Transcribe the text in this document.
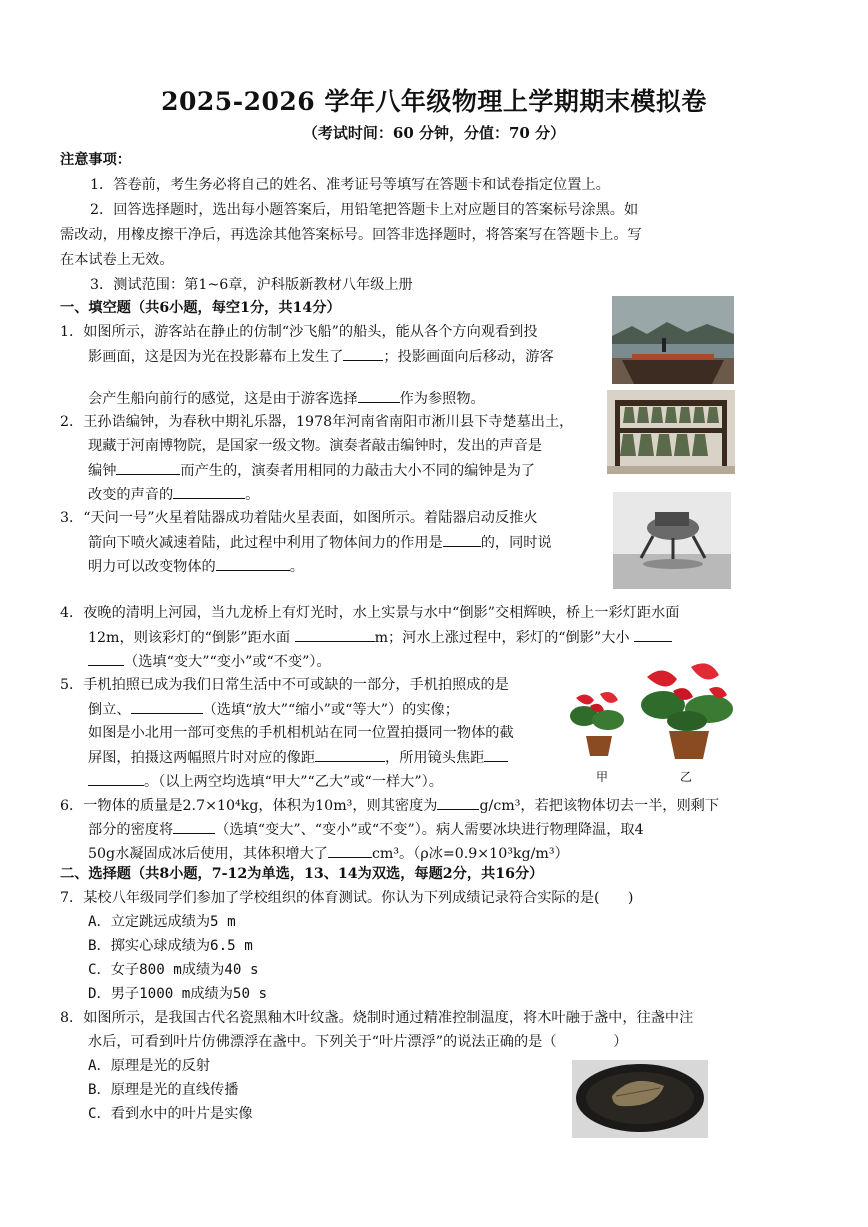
2025-2026 学年八年级物理上学期期末模拟卷
（考试时间：60 分钟，分值：70 分）
注意事项：
1．答卷前，考生务必将自己的姓名、准考证号等填写在答题卡和试卷指定位置上。
2．回答选择题时，选出每小题答案后，用铅笔把答题卡上对应题目的答案标号涂黑。如
需改动，用橡皮擦干净后，再选涂其他答案标号。回答非选择题时，将答案写在答题卡上。写
在本试卷上无效。
3．测试范围：第1~6章，沪科版新教材八年级上册
一、填空题（共6小题，每空1分，共14分）
1．如图所示，游客站在静止的仿制“沙飞船”的船头，能从各个方向观看到投
影画面，这是因为光在投影幕布上发生了	；投影画面向后移动，游客
会产生船向前行的感觉，这是由于游客选择	作为参照物。
2．王孙诰编钟，为春秋中期礼乐器，1978年河南省南阳市淅川县下寺楚墓出土，
现藏于河南博物院，是国家一级文物。演奏者敲击编钟时，发出的声音是
编钟	而产生的，演奏者用相同的力敲击大小不同的编钟是为了
改变的声音的	。
3．“天问一号”火星着陆器成功着陆火星表面，如图所示。着陆器启动反推火
箭向下喷火减速着陆，此过程中利用了物体间力的作用是	的，同时说
明力可以改变物体的	。
4．夜晚的清明上河园，当九龙桥上有灯光时，水上实景与水中“倒影”交相辉映，桥上一彩灯距水面
12m，则该彩灯的“倒影”距水面	m；河水上涨过程中，彩灯的“倒影”大小
（选填“变大”“变小”或“不变”）。
5．手机拍照已成为我们日常生活中不可或缺的一部分，手机拍照成的是
倒立、	（选填“放大”“缩小”或“等大”）的实像；
如图是小北用一部可变焦的手机相机站在同一位置拍摄同一物体的截
屏图，拍摄这两幅照片时对应的像距	，所用镜头焦距
。（以上两空均选填“甲大”“乙大”或“一样大”）。	甲	乙
6．一物体的质量是2.7×10⁴kg，体积为10m³，则其密度为	g/cm³，若把该物体切去一半，则剩下
部分的密度将	（选填“变大”、“变小”或“不变”）。病人需要冰块进行物理降温，取4
50g水凝固成冰后使用，其体积增大了	cm³。（ρ冰=0.9×10³kg/m³）
二、选择题（共8小题，7-12为单选，13、14为双选，每题2分，共16分）
7．某校八年级同学们参加了学校组织的体育测试。你认为下列成绩记录符合实际的是(　　)
A．立定跳远成绩为5 m
B．掷实心球成绩为6.5 m
C．女子800 m成绩为40 s
D．男子1000 m成绩为50 s
8．如图所示，是我国古代名瓷黑釉木叶纹盏。烧制时通过精准控制温度，将木叶融于盏中，往盏中注
水后，可看到叶片仿佛漂浮在盏中。下列关于“叶片漂浮”的说法正确的是（　　　　）
A．原理是光的反射
B．原理是光的直线传播
C．看到水中的叶片是实像
